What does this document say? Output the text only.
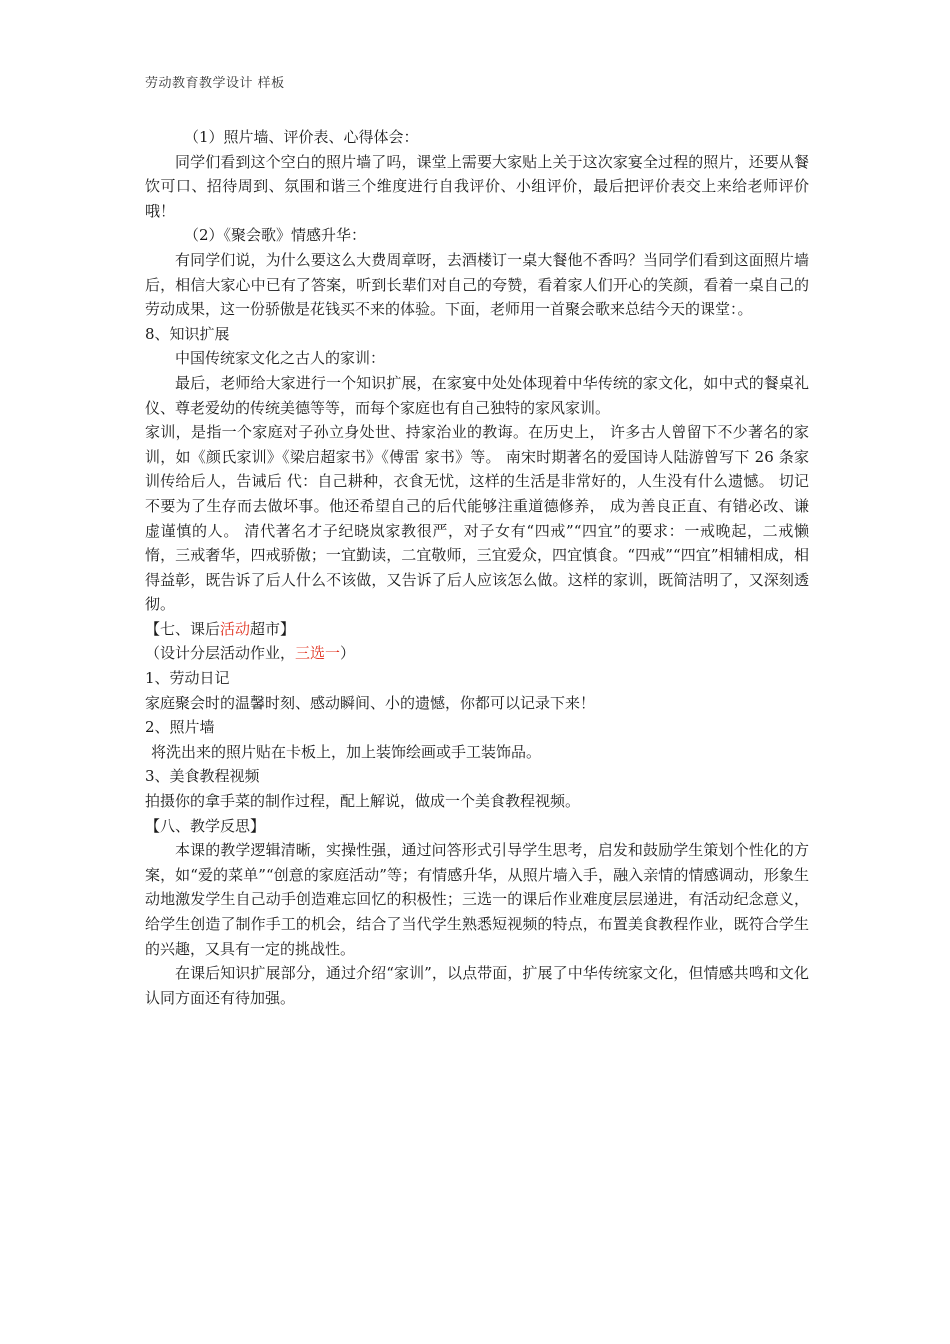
劳动教育教学设计 样板

（1）照片墙、评价表、心得体会：

同学们看到这个空白的照片墙了吗，课堂上需要大家贴上关于这次家宴全过程的照片，还要从餐饮可口、招待周到、氛围和谐三个维度进行自我评价、小组评价，最后把评价表交上来给老师评价哦！

（2）《聚会歌》情感升华：

有同学们说，为什么要这么大费周章呀，去酒楼订一桌大餐他不香吗？当同学们看到这面照片墙后，相信大家心中已有了答案，听到长辈们对自己的夸赞，看着家人们开心的笑颜，看着一桌自己的劳动成果，这一份骄傲是花钱买不来的体验。下面，老师用一首聚会歌来总结今天的课堂：。

8、知识扩展

中国传统家文化之古人的家训：

最后，老师给大家进行一个知识扩展，在家宴中处处体现着中华传统的家文化，如中式的餐桌礼仪、尊老爱幼的传统美德等等，而每个家庭也有自己独特的家风家训。

家训，是指一个家庭对子孙立身处世、持家治业的教诲。在历史上， 许多古人曾留下不少著名的家训，如《颜氏家训》《梁启超家书》《傅雷 家书》等。 南宋时期著名的爱国诗人陆游曾写下 26 条家训传给后人，告诫后 代：自己耕种，衣食无忧，这样的生活是非常好的，人生没有什么遗憾。 切记不要为了生存而去做坏事。他还希望自己的后代能够注重道德修养， 成为善良正直、有错必改、谦虚谨慎的人。 清代著名才子纪晓岚家教很严，对子女有“四戒”“四宜”的要求：一戒晚起，二戒懒惰，三戒奢华，四戒骄傲；一宜勤读，二宜敬师，三宜爱众，四宜慎食。“四戒”“四宜”相辅相成，相得益彰，既告诉了后人什么不该做，又告诉了后人应该怎么做。这样的家训，既简洁明了，又深刻透彻。

【七、课后活动超市】

（设计分层活动作业，三选一）

1、劳动日记

家庭聚会时的温馨时刻、感动瞬间、小的遗憾，你都可以记录下来！

2、照片墙

将洗出来的照片贴在卡板上，加上装饰绘画或手工装饰品。

3、美食教程视频

拍摄你的拿手菜的制作过程，配上解说，做成一个美食教程视频。

【八、教学反思】

本课的教学逻辑清晰，实操性强，通过问答形式引导学生思考，启发和鼓励学生策划个性化的方案，如“爱的菜单”“创意的家庭活动”等；有情感升华，从照片墙入手，融入亲情的情感调动，形象生动地激发学生自己动手创造难忘回忆的积极性；三选一的课后作业难度层层递进，有活动纪念意义，给学生创造了制作手工的机会，结合了当代学生熟悉短视频的特点，布置美食教程作业，既符合学生的兴趣，又具有一定的挑战性。

在课后知识扩展部分，通过介绍“家训”，以点带面，扩展了中华传统家文化，但情感共鸣和文化认同方面还有待加强。
